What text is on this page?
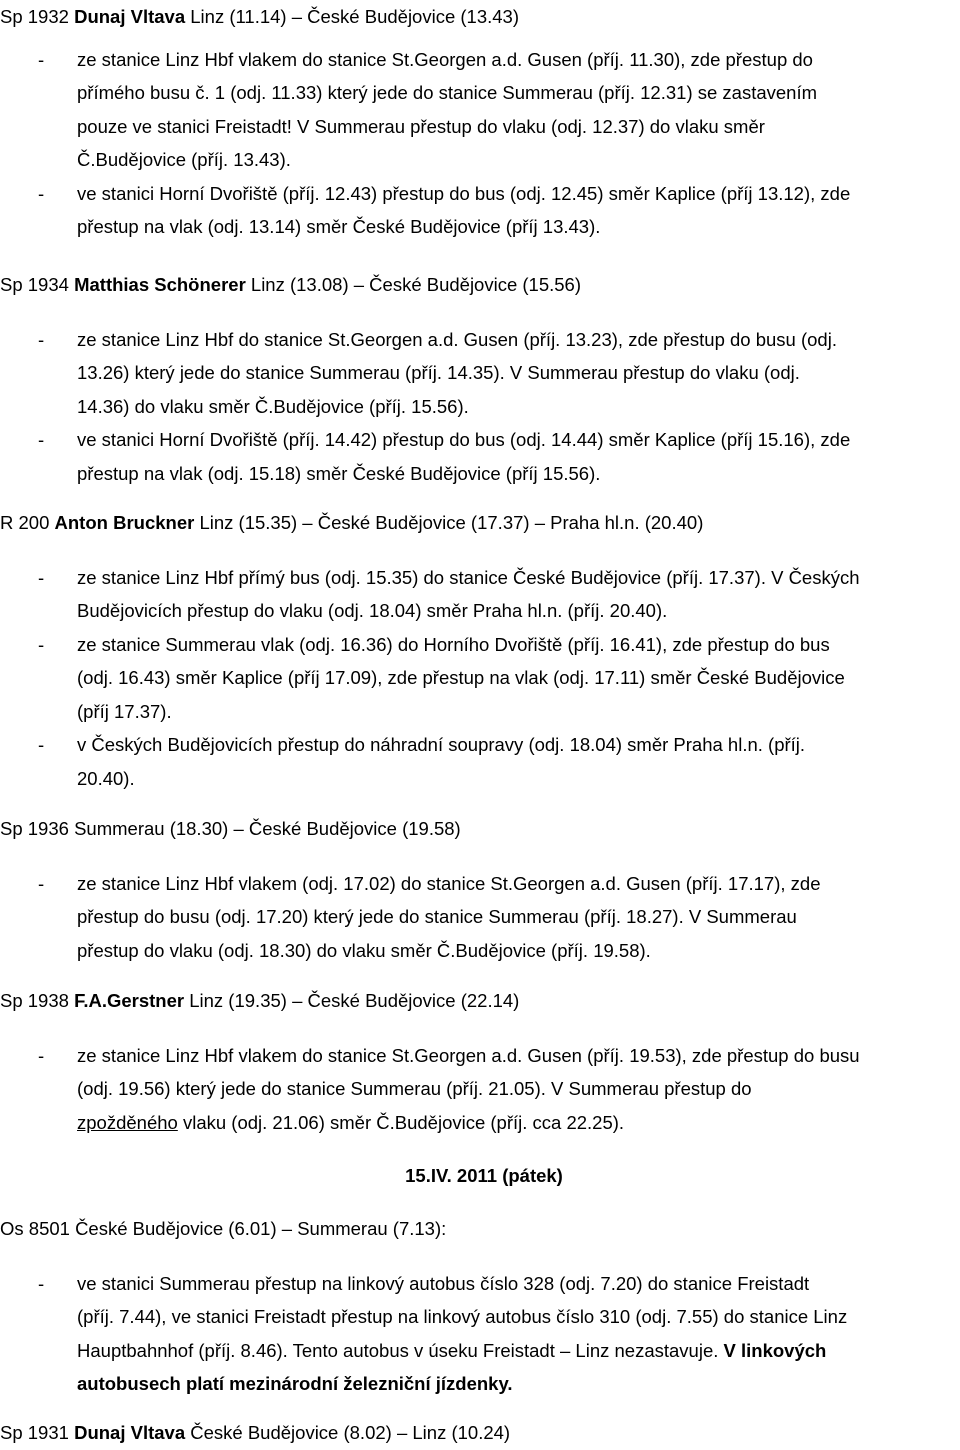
Sp 1932 Dunaj Vltava Linz (11.14) – České Budějovice (13.43)
- ze stanice Linz Hbf vlakem do stanice St.Georgen a.d. Gusen (příj. 11.30), zde přestup do
přímého busu č. 1 (odj. 11.33) který jede do stanice Summerau (příj. 12.31) se zastavením
pouze ve stanici Freistadt! V Summerau přestup do vlaku (odj. 12.37) do vlaku směr
Č.Budějovice (příj. 13.43).
- ve stanici Horní Dvořiště (příj. 12.43) přestup do bus (odj. 12.45) směr Kaplice (příj 13.12), zde
přestup na vlak (odj. 13.14) směr České Budějovice (příj 13.43).
Sp 1934 Matthias Schönerer Linz (13.08) – České Budějovice (15.56)
- ze stanice Linz Hbf do stanice St.Georgen a.d. Gusen (příj. 13.23), zde přestup do busu (odj.
13.26) který jede do stanice Summerau (příj. 14.35). V Summerau přestup do vlaku (odj.
14.36) do vlaku směr Č.Budějovice (příj. 15.56).
- ve stanici Horní Dvořiště (příj. 14.42) přestup do bus (odj. 14.44) směr Kaplice (příj 15.16), zde
přestup na vlak (odj. 15.18) směr České Budějovice (příj 15.56).
R 200 Anton Bruckner Linz (15.35) – České Budějovice (17.37) – Praha hl.n. (20.40)
- ze stanice Linz Hbf přímý bus (odj. 15.35) do stanice České Budějovice (příj. 17.37). V Českých
Budějovicích přestup do vlaku (odj. 18.04) směr Praha hl.n. (příj. 20.40).
- ze stanice Summerau vlak (odj. 16.36) do Horního Dvořiště (příj. 16.41), zde přestup do bus
(odj. 16.43) směr Kaplice (příj 17.09), zde přestup na vlak (odj. 17.11) směr České Budějovice
(příj 17.37).
- v Českých Budějovicích přestup do náhradní soupravy (odj. 18.04) směr Praha hl.n. (příj.
20.40).
Sp 1936 Summerau (18.30) – České Budějovice (19.58)
- ze stanice Linz Hbf vlakem (odj. 17.02) do stanice St.Georgen a.d. Gusen (příj. 17.17), zde
přestup do busu (odj. 17.20) který jede do stanice Summerau (příj. 18.27). V Summerau
přestup do vlaku (odj. 18.30) do vlaku směr Č.Budějovice (příj. 19.58).
Sp 1938 F.A.Gerstner Linz (19.35) – České Budějovice (22.14)
- ze stanice Linz Hbf vlakem do stanice St.Georgen a.d. Gusen (příj. 19.53), zde přestup do busu
(odj. 19.56) který jede do stanice Summerau (příj. 21.05). V Summerau přestup do
zpožděného vlaku (odj. 21.06) směr Č.Budějovice (příj. cca 22.25).
15.IV. 2011 (pátek)
Os 8501 České Budějovice (6.01) – Summerau (7.13):
- ve stanici Summerau přestup na linkový autobus číslo 328 (odj. 7.20) do stanice Freistadt
(příj. 7.44), ve stanici Freistadt přestup na linkový autobus číslo 310 (odj. 7.55) do stanice Linz
Hauptbahnhof (příj. 8.46). Tento autobus v úseku Freistadt – Linz nezastavuje. V linkových
autobusech platí mezinárodní železniční jízdenky.
Sp 1931 Dunaj Vltava České Budějovice (8.02) – Linz (10.24)
